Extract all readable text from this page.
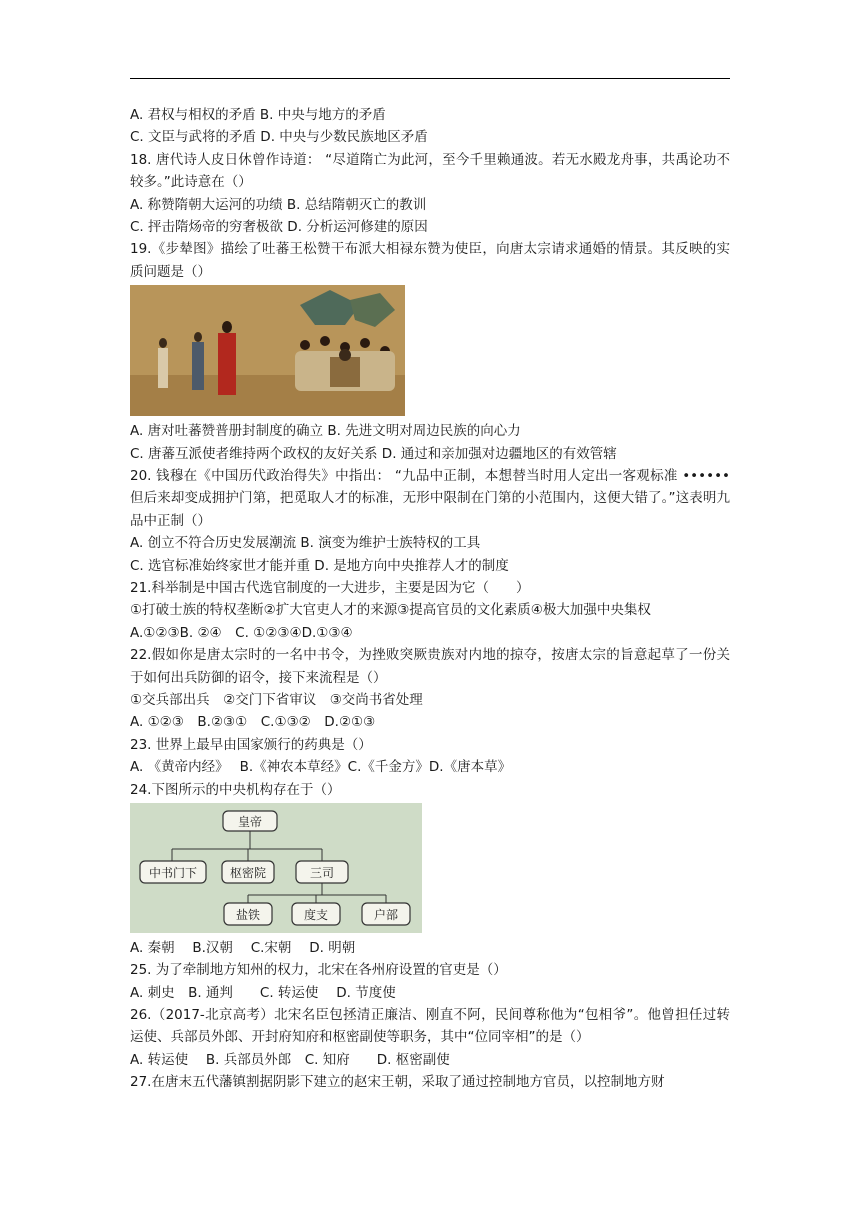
A. 君权与相权的矛盾 B. 中央与地方的矛盾
C. 文臣与武将的矛盾 D. 中央与少数民族地区矛盾
18. 唐代诗人皮日休曾作诗道： “尽道隋亡为此河，至今千里赖通波。若无水殿龙舟事，共禹论功不较多。”此诗意在（）
A. 称赞隋朝大运河的功绩 B. 总结隋朝灭亡的教训
C. 抨击隋炀帝的穷奢极欲 D. 分析运河修建的原因
19.《步辇图》描绘了吐蕃王松赞干布派大相禄东赞为使臣，向唐太宗请求通婚的情景。其反映的实质问题是（）
A. 唐对吐蕃赞普册封制度的确立 B. 先进文明对周边民族的向心力
C. 唐蕃互派使者维持两个政权的友好关系 D. 通过和亲加强对边疆地区的有效管辖
20. 钱穆在《中国历代政治得失》中指出： “九品中正制，本想替当时用人定出一客观标准 •••••• 但后来却变成拥护门第，把觅取人才的标准，无形中限制在门第的小范围内，这便大错了。”这表明九品中正制（）
A. 创立不符合历史发展潮流 B. 演变为维护士族特权的工具
C. 选官标准始终家世才能并重 D. 是地方向中央推荐人才的制度
21.科举制是中国古代选官制度的一大进步，主要是因为它（　　）
①打破士族的特权垄断②扩大官吏人才的来源③提高官员的文化素质④极大加强中央集权
A.①②③B. ②④　C. ①②③④D.①③④
22.假如你是唐太宗时的一名中书令，为挫败突厥贵族对内地的掠夺，按唐太宗的旨意起草了一份关于如何出兵防御的诏令，接下来流程是（）
①交兵部出兵　②交门下省审议　③交尚书省处理
A. ①②③　B.②③①　C.①③②　D.②①③
23. 世界上最早由国家颁行的药典是（）
A. 《黄帝内经》　 B.《神农本草经》C.《千金方》D.《唐本草》
24.下图所示的中央机构存在于（）
皇帝
中书门下	枢密院	三司
盐铁	度支	户部
A. 秦朝　 B.汉朝　 C.宋朝　 D. 明朝
25. 为了牵制地方知州的权力，北宋在各州府设置的官吏是（）
A. 刺史　B. 通判　　C. 转运使　 D. 节度使
26.（2017-北京高考）北宋名臣包拯清正廉洁、刚直不阿，民间尊称他为“包相爷”。他曾担任过转运使、兵部员外郎、开封府知府和枢密副使等职务，其中“位同宰相”的是（）
A. 转运使　 B. 兵部员外郎　C. 知府　　D. 枢密副使
27.在唐末五代藩镇割据阴影下建立的赵宋王朝，采取了通过控制地方官员，以控制地方财
